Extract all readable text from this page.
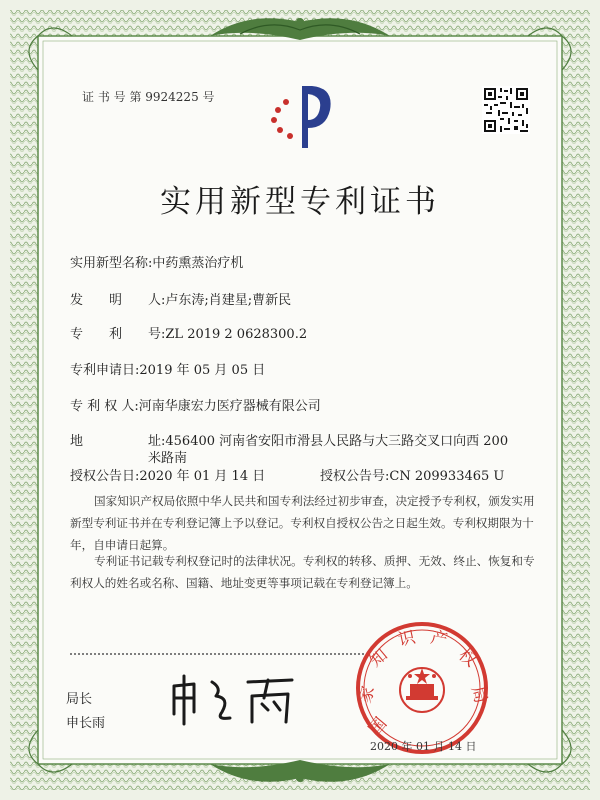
证 书 号 第 9924225 号
实用新型专利证书
实用新型名称:中药熏蒸治疗机
发　　明　　人:卢东涛;肖建星;曹新民
专　　利　　号:ZL 2019 2 0628300.2
专利申请日:2019 年 05 月 05 日
专 利 权 人:河南华康宏力医疗器械有限公司
地　　　　　址:456400 河南省安阳市滑县人民路与大三路交叉口向西 200
米路南
授权公告日:2020 年 01 月 14 日	授权公告号:CN 209933465 U
国家知识产权局依照中华人民共和国专利法经过初步审查，决定授予专利权，颁发实用新型专利证书并在专利登记簿上予以登记。专利权自授权公告之日起生效。专利权期限为十年，自申请日起算。
专利证书记载专利权登记时的法律状况。专利权的转移、质押、无效、终止、恢复和专利权人的姓名或名称、国籍、地址变更等事项记载在专利登记簿上。
局长
申长雨	国
家
知
识 产
权
局
2020 年 01 月 14 日
